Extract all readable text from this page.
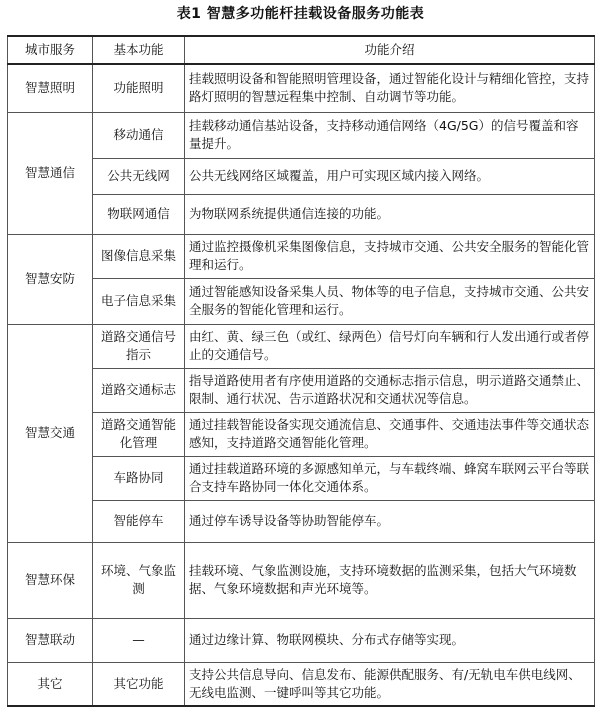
表1 智慧多功能杆挂载设备服务功能表
城市服务	基本功能	功能介绍
智慧照明	功能照明	挂载照明设备和智能照明管理设备，通过智能化设计与精细化管控，支持路灯照明的智慧远程集中控制、自动调节等功能。
智慧通信	移动通信	挂载移动通信基站设备，支持移动通信网络（4G/5G）的信号覆盖和容量提升。
	公共无线网	公共无线网络区域覆盖，用户可实现区域内接入网络。
	物联网通信	为物联网系统提供通信连接的功能。
智慧安防	图像信息采集	通过监控摄像机采集图像信息，支持城市交通、公共安全服务的智能化管理和运行。
	电子信息采集	通过智能感知设备采集人员、物体等的电子信息，支持城市交通、公共安全服务的智能化管理和运行。
智慧交通	道路交通信号指示	由红、黄、绿三色（或红、绿两色）信号灯向车辆和行人发出通行或者停止的交通信号。
	道路交通标志	指导道路使用者有序使用道路的交通标志指示信息，明示道路交通禁止、限制、通行状况、告示道路状况和交通状况等信息。
	道路交通智能化管理	通过挂载智能设备实现交通流信息、交通事件、交通违法事件等交通状态感知，支持道路交通智能化管理。
	车路协同	通过挂载道路环境的多源感知单元，与车载终端、蜂窝车联网云平台等联合支持车路协同一体化交通体系。
	智能停车	通过停车诱导设备等协助智能停车。
智慧环保	环境、气象监测	挂载环境、气象监测设施，支持环境数据的监测采集，包括大气环境数据、气象环境数据和声光环境等。
智慧联动	—	通过边缘计算、物联网模块、分布式存储等实现。
其它	其它功能	支持公共信息导向、信息发布、能源供配服务、有/无轨电车供电线网、无线电监测、一键呼叫等其它功能。
